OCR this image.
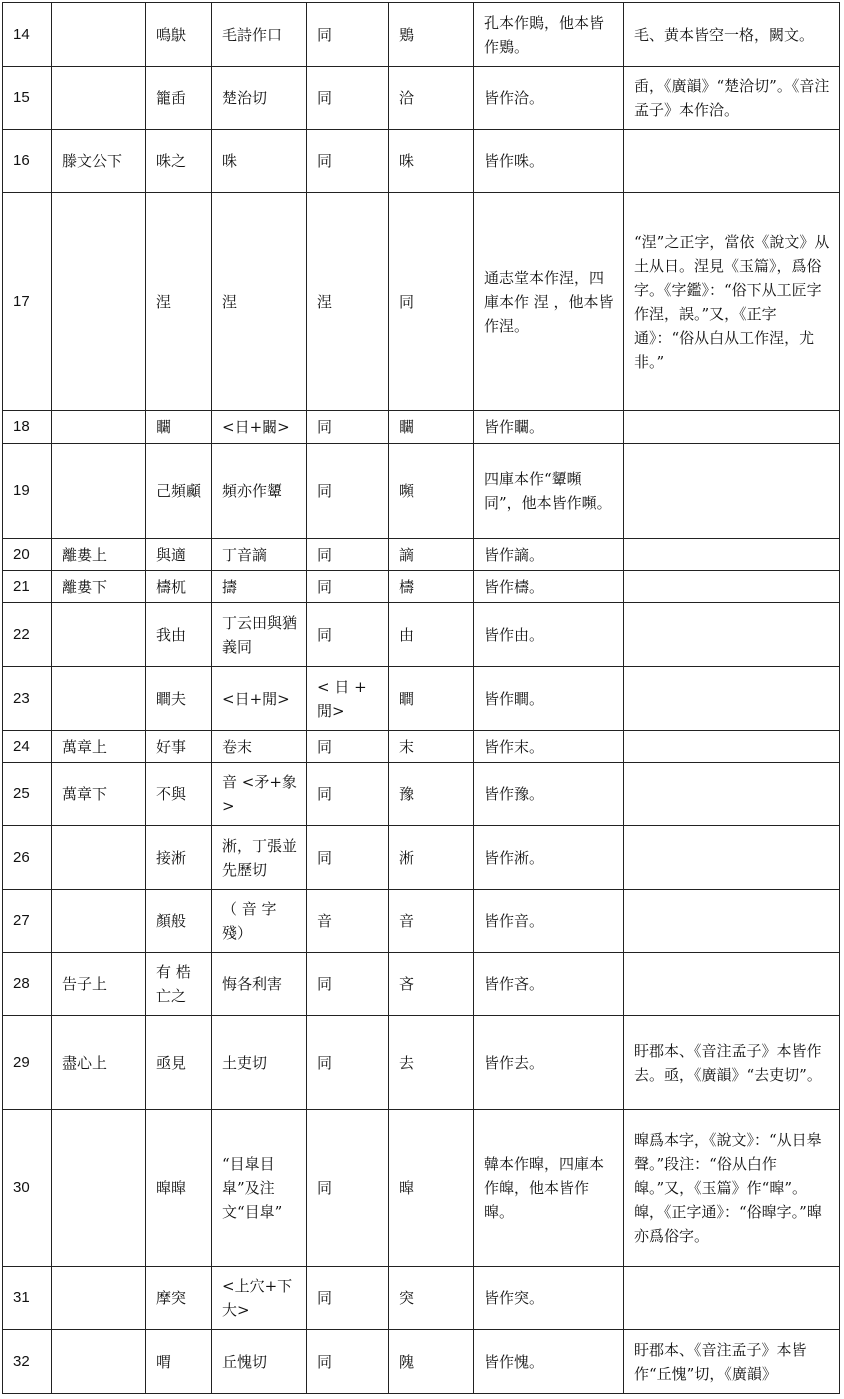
14		鳴鴃	毛詩作口	同	鶪	孔本作鵙，他本皆作鶪。	毛、黄本皆空一格，闕文。
15		籠臿	楚治切	同	洽	皆作洽。	臿，《廣韻》“楚洽切”。《音注孟子》本作洽。
16	滕文公下	咮之	咮	同	咮	皆作咮。	
17		涅	涅	涅	同	通志堂本作涅，四庫本作 涅 ，他本皆作涅。	“涅”之正字，當依《說文》从土从日。涅見《玉篇》，爲俗字。《字鑑》：“俗下从工匠字作涅，誤。”又，《正字通》：“俗从白从工作涅，尤非。”
18		矙	<日+闞>	同	矙	皆作矙。	
19		己頻顣	頻亦作顰	同	嚬	四庫本作“顰嚬同”，他本皆作嚬。	
20	離婁上	與適	丁音謫	同	謫	皆作謫。	
21	離婁下	檮杌	擣	同	檮	皆作檮。	
22		我由	丁云田與猶義同	同	由	皆作由。	
23		瞷夫	<日+閒>	< 日 + 閒>	瞷	皆作瞷。	
24	萬章上	好事	卷末	同	末	皆作末。	
25	萬章下	不與	音 <矛+象>	同	豫	皆作豫。	
26		接淅	淅，丁張並先歷切	同	淅	皆作淅。	
27		顏般	（ 音 字 殘）	音	音	皆作音。	
28	告子上	有 梏亡之	悔各利害	同	吝	皆作吝。	
29	盡心上	亟見	土吏切	同	去	皆作去。	盱郡本、《音注孟子》本皆作去。亟，《廣韻》“去吏切”。
30		暭暭	“目皐目皐”及注文“目皐”	同	暭	韓本作暭，四庫本作皡，他本皆作暭。	暭爲本字，《說文》：“从日皋聲。”段注：“俗从白作皡。”又，《玉篇》作“暭”。皡，《正字通》：“俗暭字。”暭亦爲俗字。
31		摩突	<上穴+下大>	同	突	皆作突。	
32		喟	丘愧切	同	隗	皆作愧。	盱郡本、《音注孟子》本皆作“丘愧”切，《廣韻》
